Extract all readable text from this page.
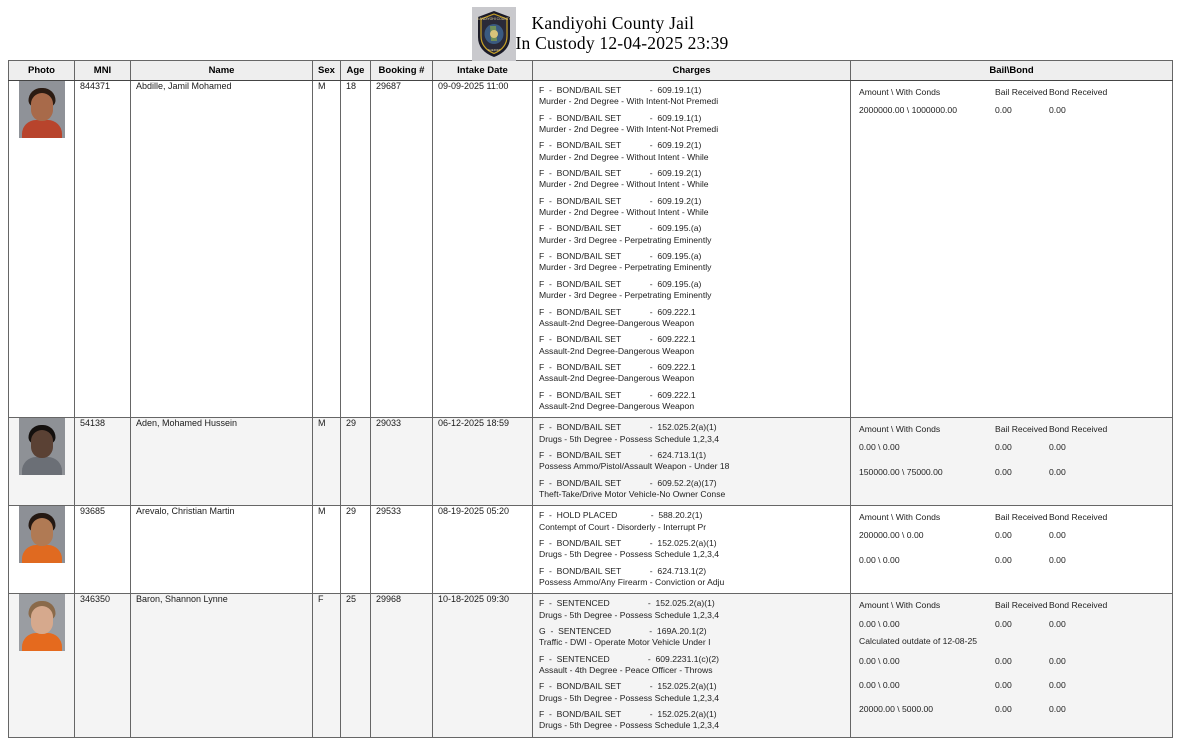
KANDIYOHI COUNTY
SHERIFF
Kandiyohi County Jail
In Custody 12-04-2025 23:39
Photo	MNI	Name	Sex	Age	Booking #	Intake Date	Charges	Bail\Bond

844371	Abdille, Jamil Mohamed	M	18	29687	09-09-2025 11:00	F  -  BOND/BAIL SET            -  609.19.1(1)
Murder - 2nd Degree - With Intent-Not Premedi
F  -  BOND/BAIL SET            -  609.19.1(1)
Murder - 2nd Degree - With Intent-Not Premedi
F  -  BOND/BAIL SET            -  609.19.2(1)
Murder - 2nd Degree - Without Intent - While
F  -  BOND/BAIL SET            -  609.19.2(1)
Murder - 2nd Degree - Without Intent - While
F  -  BOND/BAIL SET            -  609.19.2(1)
Murder - 2nd Degree - Without Intent - While
F  -  BOND/BAIL SET            -  609.195.(a)
Murder - 3rd Degree - Perpetrating Eminently
F  -  BOND/BAIL SET            -  609.195.(a)
Murder - 3rd Degree - Perpetrating Eminently
F  -  BOND/BAIL SET            -  609.195.(a)
Murder - 3rd Degree - Perpetrating Eminently
F  -  BOND/BAIL SET            -  609.222.1
Assault-2nd Degree-Dangerous Weapon
F  -  BOND/BAIL SET            -  609.222.1
Assault-2nd Degree-Dangerous Weapon
F  -  BOND/BAIL SET            -  609.222.1
Assault-2nd Degree-Dangerous Weapon
F  -  BOND/BAIL SET            -  609.222.1
Assault-2nd Degree-Dangerous Weapon

Amount \ With Conds	Bail Received Bond Received
2000000.00 \ 1000000.00	0.00	0.00

54138	Aden, Mohamed Hussein	M	29	29033	06-12-2025 18:59	F  -  BOND/BAIL SET            -  152.025.2(a)(1)
Drugs - 5th Degree - Possess Schedule 1,2,3,4
F  -  BOND/BAIL SET            -  624.713.1(1)
Possess Ammo/Pistol/Assault Weapon - Under 18
F  -  BOND/BAIL SET            -  609.52.2(a)(17)
Theft-Take/Drive Motor Vehicle-No Owner Conse

Amount \ With Conds	Bail Received Bond Received
0.00 \ 0.00	0.00	0.00
150000.00 \ 75000.00	0.00	0.00

93685	Arevalo, Christian Martin	M	29	29533	08-19-2025 05:20	F  -  HOLD PLACED              -  588.20.2(1)
Contempt of Court - Disorderly - Interrupt Pr
F  -  BOND/BAIL SET            -  152.025.2(a)(1)
Drugs - 5th Degree - Possess Schedule 1,2,3,4
F  -  BOND/BAIL SET            -  624.713.1(2)
Possess Ammo/Any Firearm - Conviction or Adju

Amount \ With Conds	Bail Received Bond Received
200000.00 \ 0.00	0.00	0.00
0.00 \ 0.00	0.00	0.00

346350	Baron, Shannon Lynne	F	25	29968	10-18-2025 09:30	F  -  SENTENCED                -  152.025.2(a)(1)
Drugs - 5th Degree - Possess Schedule 1,2,3,4
G  -  SENTENCED                -  169A.20.1(2)
Traffic - DWI - Operate Motor Vehicle Under I
F  -  SENTENCED                -  609.2231.1(c)(2)
Assault - 4th Degree - Peace Officer - Throws
F  -  BOND/BAIL SET            -  152.025.2(a)(1)
Drugs - 5th Degree - Possess Schedule 1,2,3,4
F  -  BOND/BAIL SET            -  152.025.2(a)(1)
Drugs - 5th Degree - Possess Schedule 1,2,3,4

Amount \ With Conds	Bail Received Bond Received
0.00 \ 0.00	0.00	0.00
Calculated outdate of 12-08-25
0.00 \ 0.00	0.00	0.00
0.00 \ 0.00	0.00	0.00
20000.00 \ 5000.00	0.00	0.00
